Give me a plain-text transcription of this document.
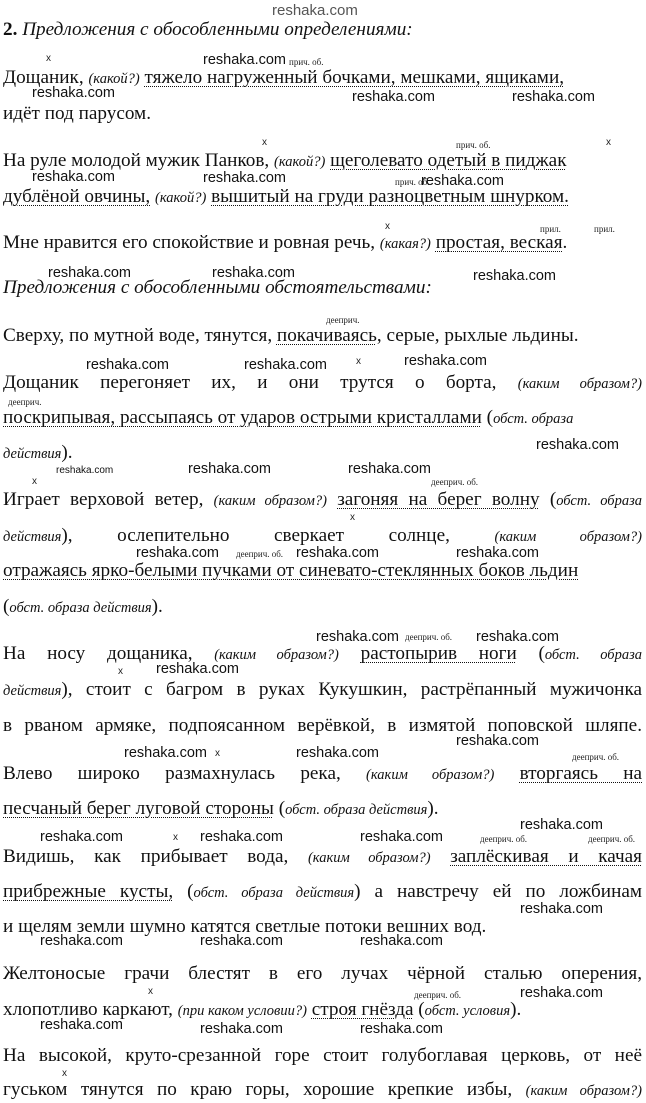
reshaka.com
2. Предложения с обособленными определениями:
x	прич. об.
Дощаник, (какой?) тяжело нагруженный бочками, мешками, ящиками,
идёт под парусом.
x	прич. об.	x
На руле молодой мужик Панков, (какой?) щеголевато одетый в пиджак
прич. об.
дублёной овчины, (какой?) вышитый на груди разноцветным шнурком.
x	прил.	прил.
Мне нравится его спокойствие и ровная речь, (какая?) простая, веская.
Предложения с обособленными обстоятельствами:
дееприч.
Сверху, по мутной воде, тянутся, покачиваясь, серые, рыхлые льдины.
x
Дощаник перегоняет их, и они трутся о борта, (каким образом?)
дееприч.
поскрипывая, рассыпаясь от ударов острыми кристаллами (обст. образа
действия).
x	дееприч. об.
Играет верховой ветер, (каким образом?) загоняя на берег волну (обст. образа
x
действия), ослепительно сверкает солнце,	(каким образом?)
дееприч. об.
отражаясь ярко-белыми пучками от синевато-стеклянных боков льдин
(обст. образа действия).
дееприч. об.
На носу дощаника, (каким образом?) растопырив ноги (обст. образа
x
действия), стоит с багром в руках Кукушкин, растрёпанный мужичонка
в рваном армяке, подпоясанном верёвкой, в измятой поповской шляпе.
x	дееприч. об.
Влево широко размахнулась река, (каким образом?) вторгаясь на
песчаный берег луговой стороны (обст. образа действия).
x	дееприч. об.	дееприч. об.
Видишь, как прибывает вода, (каким образом?) заплёскивая и качая
прибрежные кусты, (обст. образа действия) а навстречу ей по ложбинам
и щелям земли шумно катятся светлые потоки вешних вод.
Желтоносые грачи блестят в его лучах чёрной сталью оперения,
x	дееприч. об.
хлопотливо каркают, (при каком условии?) строя гнёзда (обст. условия).
На высокой, круто-срезанной горе стоит голубоглавая церковь, от неё
x
гуськом тянутся по краю горы, хорошие крепкие избы, (каким образом?)
reshaka.com
reshaka.com	reshaka.com	reshaka.com
reshaka.com	reshaka.com	reshaka.com
reshaka.com	reshaka.com	reshaka.com
reshaka.com	reshaka.com	reshaka.com
reshaka.com
reshaka.com	reshaka.com	reshaka.com
reshaka.com	reshaka.com	reshaka.com
reshaka.com	reshaka.com
reshaka.com
reshaka.com
reshaka.com	reshaka.com
reshaka.com
reshaka.com	reshaka.com	reshaka.com
reshaka.com
reshaka.com	reshaka.com	reshaka.com
reshaka.com
reshaka.com	reshaka.com	reshaka.com
